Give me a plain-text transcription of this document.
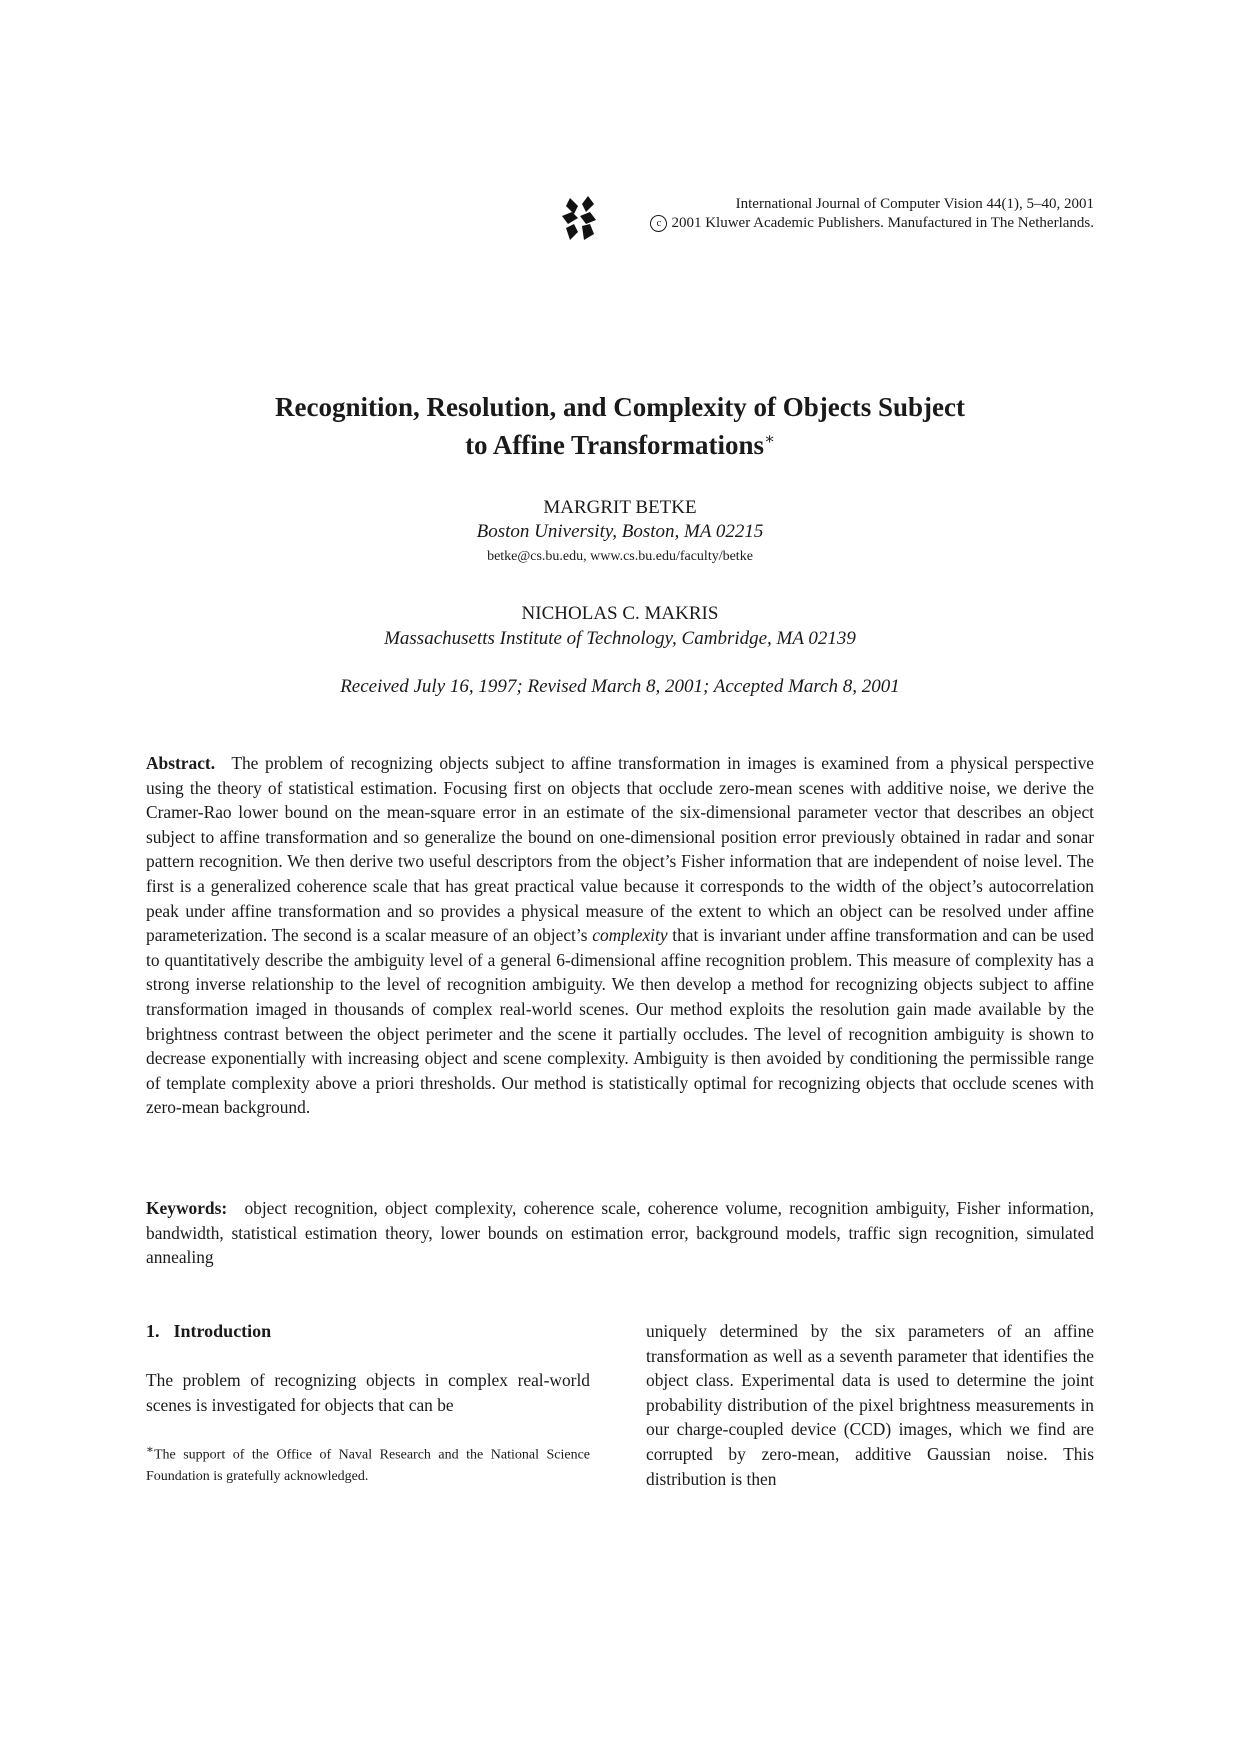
International Journal of Computer Vision 44(1), 5–40, 2001
c 2001 Kluwer Academic Publishers. Manufactured in The Netherlands.
Recognition, Resolution, and Complexity of Objects Subject
to Affine Transformations∗
MARGRIT BETKE
Boston University, Boston, MA 02215
betke@cs.bu.edu, www.cs.bu.edu/faculty/betke
NICHOLAS C. MAKRIS
Massachusetts Institute of Technology, Cambridge, MA 02139
Received July 16, 1997; Revised March 8, 2001; Accepted March 8, 2001
Abstract. The problem of recognizing objects subject to affine transformation in images is examined from a physical perspective using the theory of statistical estimation. Focusing first on objects that occlude zero-mean scenes with additive noise, we derive the Cramer-Rao lower bound on the mean-square error in an estimate of the six-dimensional parameter vector that describes an object subject to affine transformation and so generalize the bound on one-dimensional position error previously obtained in radar and sonar pattern recognition. We then derive two useful descriptors from the object’s Fisher information that are independent of noise level. The first is a generalized coherence scale that has great practical value because it corresponds to the width of the object’s autocorrelation peak under affine transformation and so provides a physical measure of the extent to which an object can be resolved under affine parameterization. The second is a scalar measure of an object’s complexity that is invariant under affine transformation and can be used to quantitatively describe the ambiguity level of a general 6-dimensional affine recognition problem. This measure of complexity has a strong inverse relationship to the level of recognition ambiguity. We then develop a method for recognizing objects subject to affine transformation imaged in thousands of complex real-world scenes. Our method exploits the resolution gain made available by the brightness contrast between the object perimeter and the scene it partially occludes. The level of recognition ambiguity is shown to decrease exponentially with increasing object and scene complexity. Ambiguity is then avoided by conditioning the permissible range of template complexity above a priori thresholds. Our method is statistically optimal for recognizing objects that occlude scenes with zero-mean background.
Keywords: object recognition, object complexity, coherence scale, coherence volume, recognition ambiguity, Fisher information, bandwidth, statistical estimation theory, lower bounds on estimation error, background models, traffic sign recognition, simulated annealing
1. Introduction
The problem of recognizing objects in complex real-world scenes is investigated for objects that can be
∗The support of the Office of Naval Research and the National Science Foundation is gratefully acknowledged.
uniquely determined by the six parameters of an affine transformation as well as a seventh parameter that identifies the object class. Experimental data is used to determine the joint probability distribution of the pixel brightness measurements in our charge-coupled device (CCD) images, which we find are corrupted by zero-mean, additive Gaussian noise. This distribution is then
